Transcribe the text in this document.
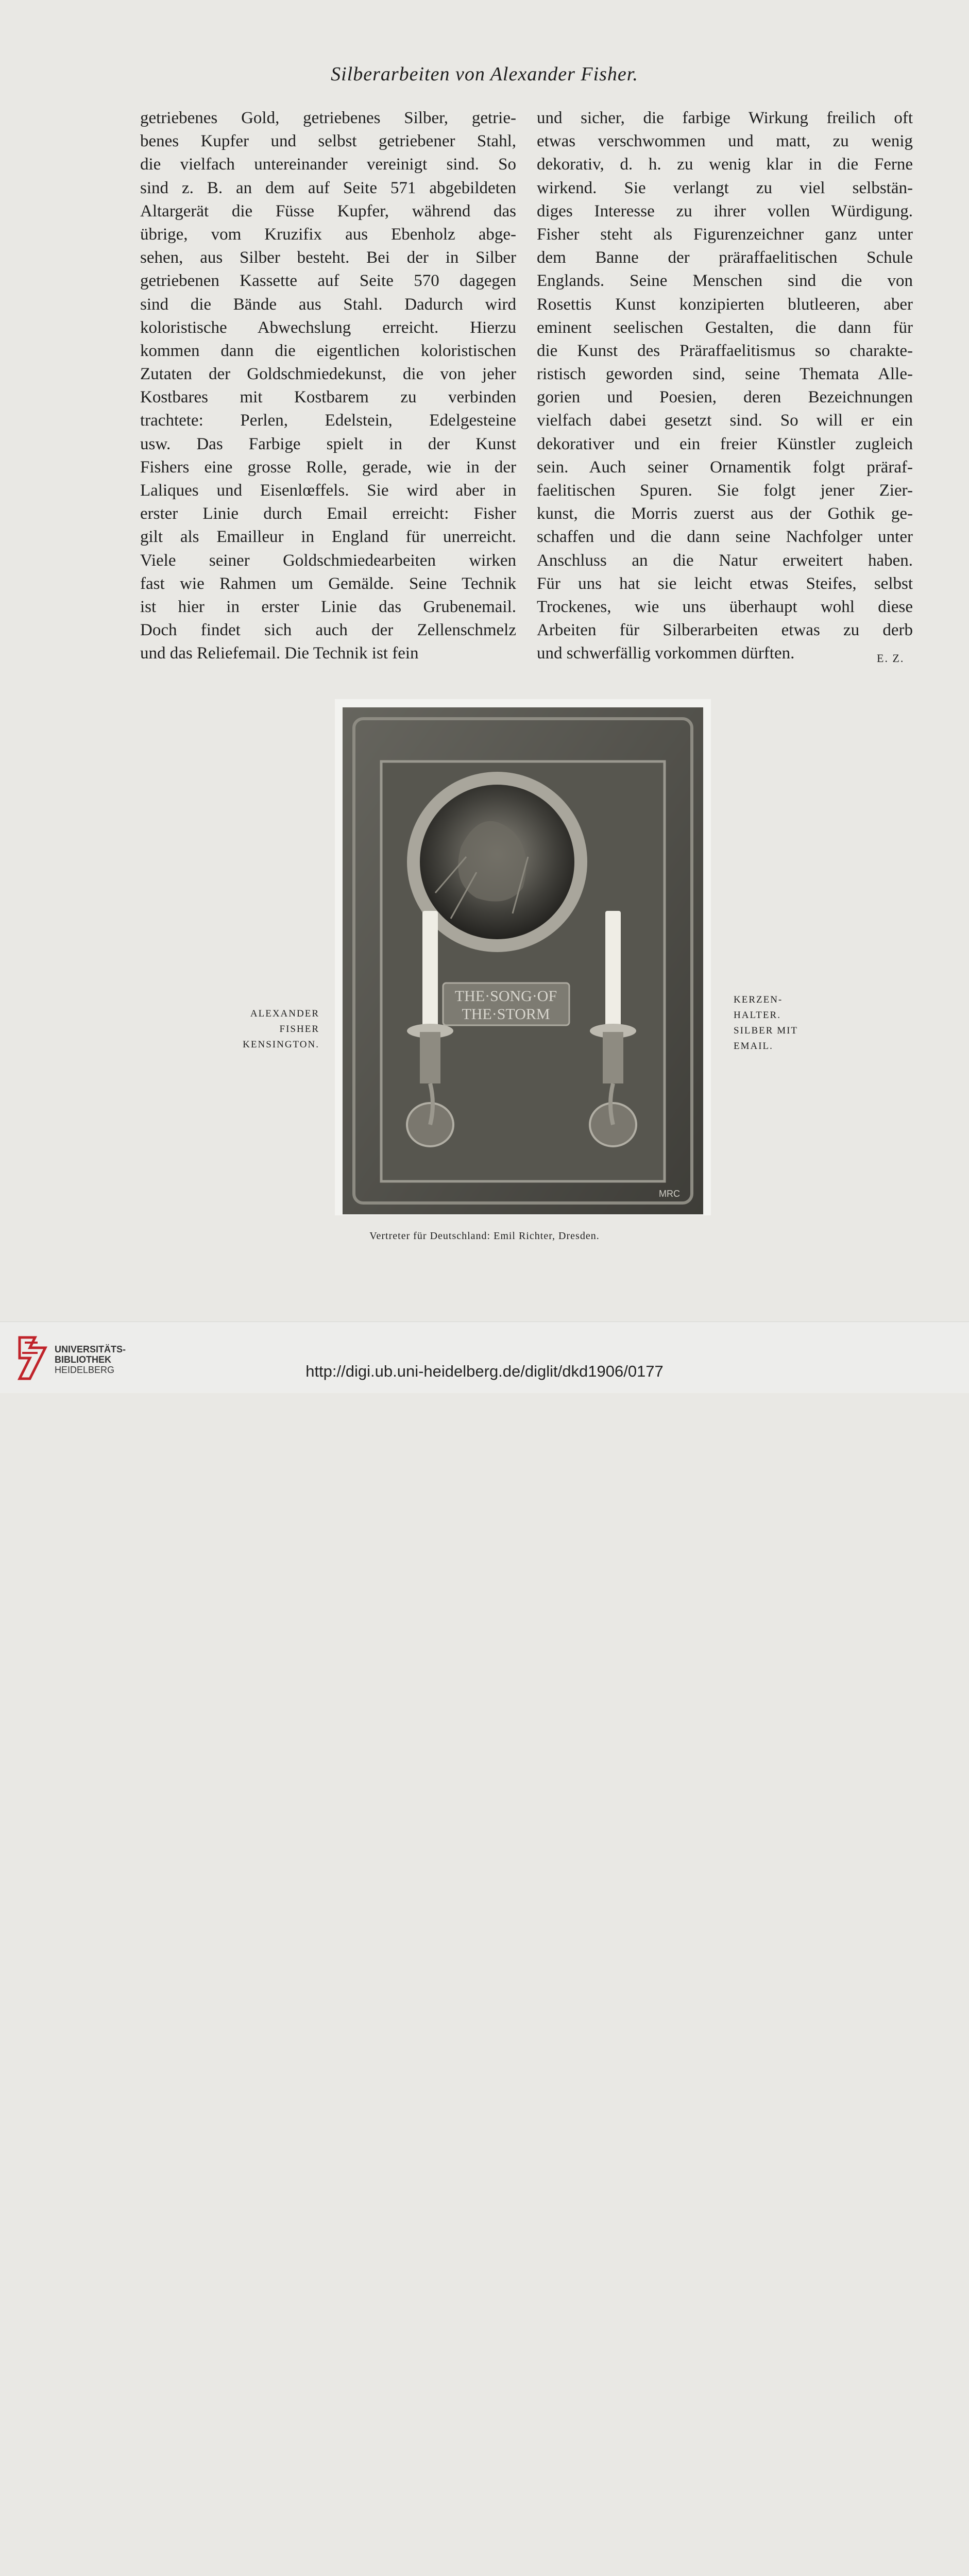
Silberarbeiten von Alexander Fisher.
getriebenes Gold, getriebenes Silber, getrie-
benes Kupfer und selbst getriebener Stahl,
die vielfach untereinander vereinigt sind. So
sind z. B. an dem auf Seite 571 abgebildeten
Altargerät die Füsse Kupfer, während das
übrige, vom Kruzifix aus Ebenholz abge-
sehen, aus Silber besteht. Bei der in Silber
getriebenen Kassette auf Seite 570 dagegen
sind die Bände aus Stahl. Dadurch wird
koloristische Abwechslung erreicht. Hierzu
kommen dann die eigentlichen koloristischen
Zutaten der Goldschmiedekunst, die von jeher
Kostbares mit Kostbarem zu verbinden
trachtete: Perlen, Edelstein, Edelgesteine
usw. Das Farbige spielt in der Kunst
Fishers eine grosse Rolle, gerade, wie in der
Laliques und Eisenlœffels. Sie wird aber in
erster Linie durch Email erreicht: Fisher
gilt als Emailleur in England für unerreicht.
Viele seiner Goldschmiedearbeiten wirken
fast wie Rahmen um Gemälde. Seine Technik
ist hier in erster Linie das Grubenemail.
Doch findet sich auch der Zellenschmelz
und das Reliefemail. Die Technik ist fein
und sicher, die farbige Wirkung freilich oft
etwas verschwommen und matt, zu wenig
dekorativ, d. h. zu wenig klar in die Ferne
wirkend. Sie verlangt zu viel selbstän-
diges Interesse zu ihrer vollen Würdigung.
Fisher steht als Figurenzeichner ganz unter
dem Banne der präraffaelitischen Schule
Englands. Seine Menschen sind die von
Rosettis Kunst konzipierten blutleeren, aber
eminent seelischen Gestalten, die dann für
die Kunst des Präraffaelitismus so charakte-
ristisch geworden sind, seine Themata Alle-
gorien und Poesien, deren Bezeichnungen
vielfach dabei gesetzt sind. So will er ein
dekorativer und ein freier Künstler zugleich
sein. Auch seiner Ornamentik folgt präraf-
faelitischen Spuren. Sie folgt jener Zier-
kunst, die Morris zuerst aus der Gothik ge-
schaffen und die dann seine Nachfolger unter
Anschluss an die Natur erweitert haben.
Für uns hat sie leicht etwas Steifes, selbst
Trockenes, wie uns überhaupt wohl diese
Arbeiten für Silberarbeiten etwas zu derb
und schwerfällig vorkommen dürften.	E. Z.
THE·SONG·OF
THE·STORM
MRC
ALEXANDER
FISHER
KENSINGTON.
KERZEN-
HALTER.
SILBER MIT
EMAIL.
Vertreter für Deutschland: Emil Richter, Dresden.
UNIVERSITÄTS-
BIBLIOTHEK
HEIDELBERG	http://digi.ub.uni-heidelberg.de/diglit/dkd1906/0177
